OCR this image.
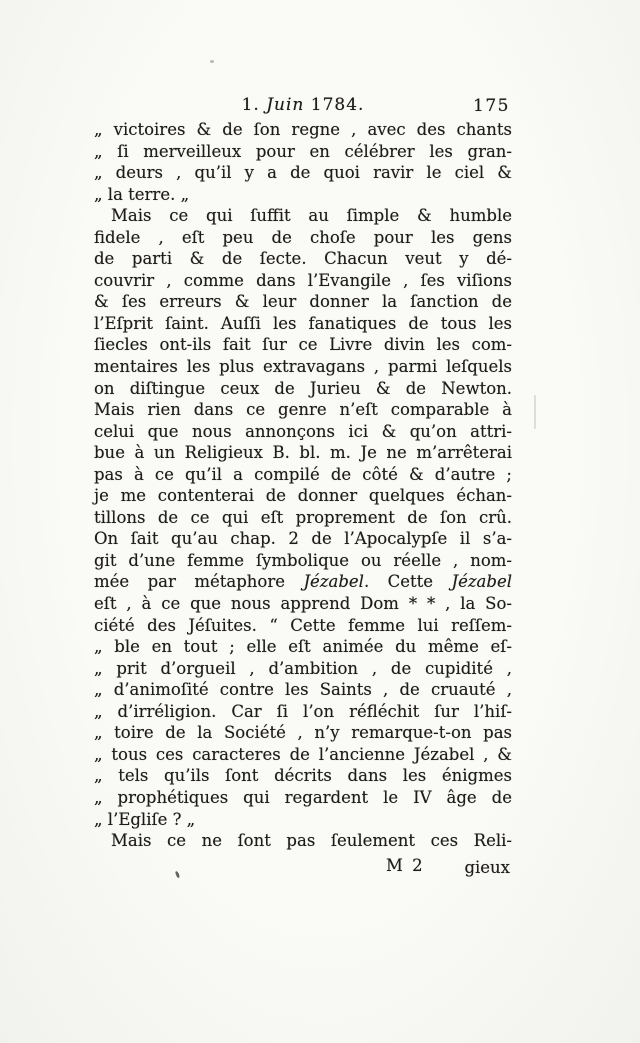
1. Juin 1784.	175
„ victoires & de ſon regne , avec des chants
„ ſi merveilleux pour en célébrer les gran-
„ deurs , qu’il y a de quoi ravir le ciel &
„ la terre. „
Mais ce qui ſuffit au ſimple & humble
fidele , eſt peu de choſe pour les gens
de parti & de ſecte. Chacun veut y dé-
couvrir , comme dans l’Evangile , ſes viſions
& ſes erreurs & leur donner la ſanction de
l’Eſprit ſaint. Auſſi les fanatiques de tous les
ſiecles ont-ils fait ſur ce Livre divin les com-
mentaires les plus extravagans , parmi leſquels
on diſtingue ceux de Jurieu & de Newton.
Mais rien dans ce genre n’eſt comparable à
celui que nous annonçons ici & qu’on attri-
bue à un Religieux B. bl. m. Je ne m’arrêterai
pas à ce qu’il a compilé de côté & d’autre ;
je me contenterai de donner quelques échan-
tillons de ce qui eſt proprement de ſon crû.
On ſait qu’au chap. 2 de l’Apocalypſe il s’a-
git d’une femme ſymbolique ou réelle , nom-
mée par métaphore Jézabel. Cette Jézabel
eſt , à ce que nous apprend Dom * * , la So-
ciété des Jéſuites. “ Cette femme lui reſſem-
„ ble en tout ; elle eſt animée du même eſ-
„ prit d’orgueil , d’ambition , de cupidité ,
„ d’animoſité contre les Saints , de cruauté ,
„ d’irréligion. Car ſi l’on réfléchit ſur l’hiſ-
„ toire de la Société , n’y remarque-t-on pas
„ tous ces caracteres de l’ancienne Jézabel , &
„ tels qu’ils ſont décrits dans les énigmes
„ prophétiques qui regardent le IV âge de
„ l’Egliſe ? „
Mais ce ne ſont pas ſeulement ces Reli-
M 2 gieux
